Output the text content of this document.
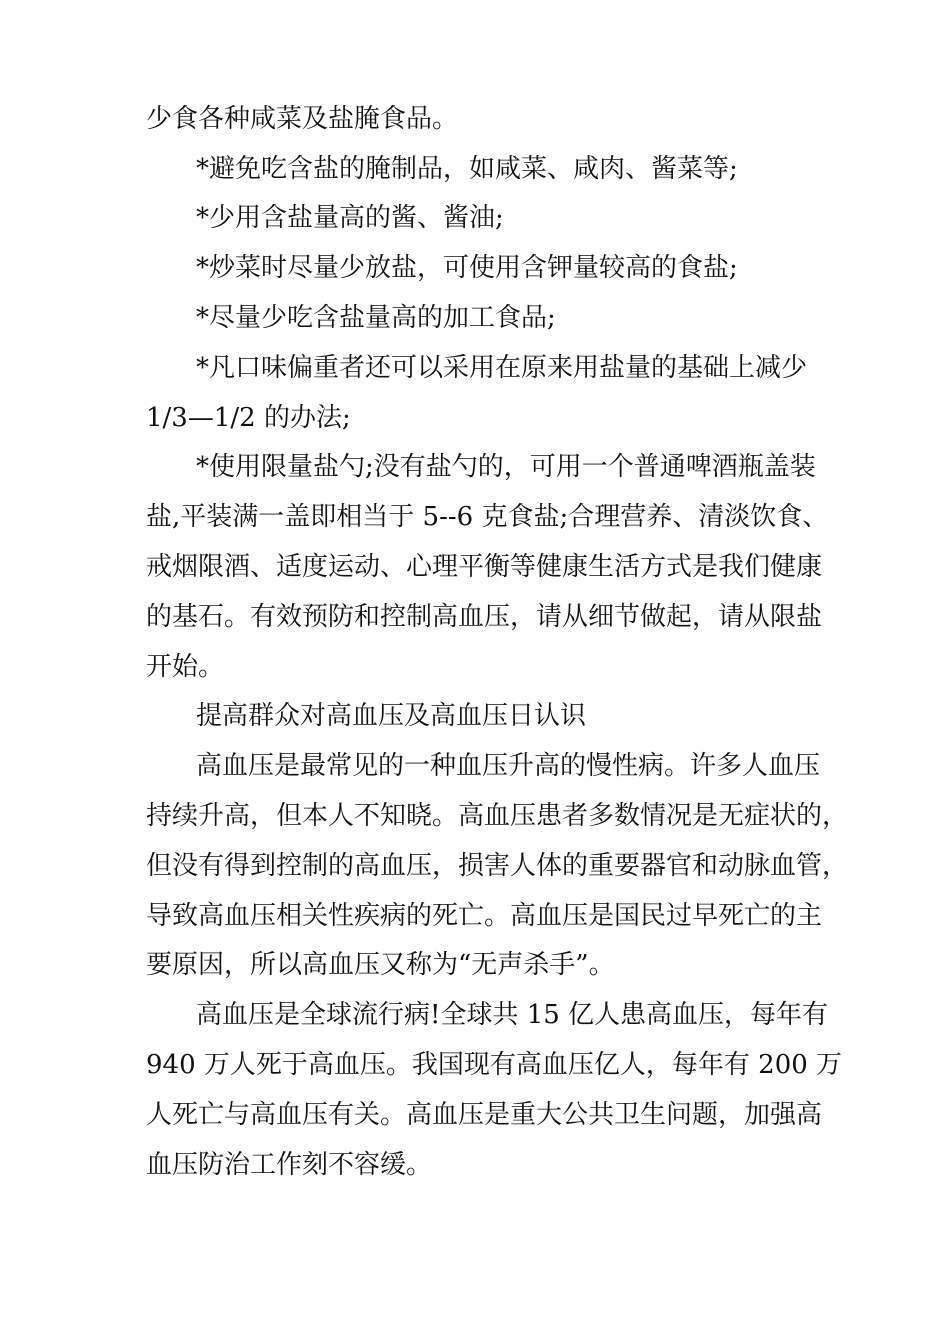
少食各种咸菜及盐腌食品。
*避免吃含盐的腌制品，如咸菜、咸肉、酱菜等;
*少用含盐量高的酱、酱油;
*炒菜时尽量少放盐，可使用含钾量较高的食盐;
*尽量少吃含盐量高的加工食品;
*凡口味偏重者还可以采用在原来用盐量的基础上减少
1/3—1/2 的办法;
*使用限量盐勺;没有盐勺的，可用一个普通啤酒瓶盖装
盐,平装满一盖即相当于 5--6 克食盐;合理营养、清淡饮食、
戒烟限酒、适度运动、心理平衡等健康生活方式是我们健康
的基石。有效预防和控制高血压，请从细节做起，请从限盐
开始。
提高群众对高血压及高血压日认识
高血压是最常见的一种血压升高的慢性病。许多人血压
持续升高，但本人不知晓。高血压患者多数情况是无症状的，
但没有得到控制的高血压，损害人体的重要器官和动脉血管，
导致高血压相关性疾病的死亡。高血压是国民过早死亡的主
要原因，所以高血压又称为“无声杀手”。
高血压是全球流行病!全球共 15 亿人患高血压，每年有
940 万人死于高血压。我国现有高血压亿人，每年有 200 万
人死亡与高血压有关。高血压是重大公共卫生问题，加强高
血压防治工作刻不容缓。
